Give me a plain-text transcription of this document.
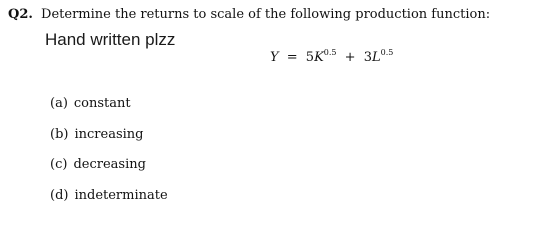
Q2. Determine the returns to scale of the following production function:
Hand written plzz
$Y = 5K^{0.5} + 3L^{0.5}$
(a) constant
(b) increasing
(c) decreasing
(d) indeterminate
